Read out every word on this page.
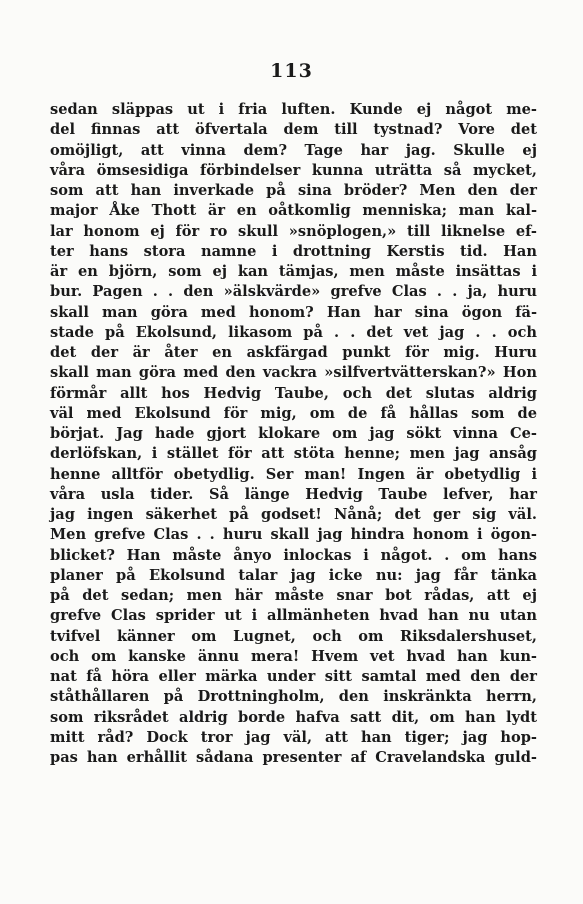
113
sedan släppas ut i fria luften. Kunde ej något me-
del finnas att öfvertala dem till tystnad? Vore det
omöjligt, att vinna dem? Tage har jag. Skulle ej
våra ömsesidiga förbindelser kunna uträtta så mycket,
som att han inverkade på sina bröder? Men den der
major Åke Thott är en oåtkomlig menniska; man kal-
lar honom ej för ro skull »snöplogen,» till liknelse ef-
ter hans stora namne i drottning Kerstis tid. Han
är en björn, som ej kan tämjas, men måste insättas i
bur. Pagen . . den »älskvärde» grefve Clas . . ja, huru
skall man göra med honom? Han har sina ögon fä-
stade på Ekolsund, likasom på . . det vet jag . . och
det der är åter en askfärgad punkt för mig. Huru
skall man göra med den vackra »silfvertvätterskan?» Hon
förmår allt hos Hedvig Taube, och det slutas aldrig
väl med Ekolsund för mig, om de få hållas som de
börjat. Jag hade gjort klokare om jag sökt vinna Ce-
derlöfskan, i stället för att stöta henne; men jag ansåg
henne alltför obetydlig. Ser man! Ingen är obetydlig i
våra usla tider. Så länge Hedvig Taube lefver, har
jag ingen säkerhet på godset! Nånå; det ger sig väl.
Men grefve Clas . . huru skall jag hindra honom i ögon-
blicket? Han måste ånyo inlockas i något. . om hans
planer på Ekolsund talar jag icke nu: jag får tänka
på det sedan; men här måste snar bot rådas, att ej
grefve Clas sprider ut i allmänheten hvad han nu utan
tvifvel känner om Lugnet, och om Riksdalershuset,
och om kanske ännu mera! Hvem vet hvad han kun-
nat få höra eller märka under sitt samtal med den der
ståthållaren på Drottningholm, den inskränkta herrn,
som riksrådet aldrig borde hafva satt dit, om han lydt
mitt råd? Dock tror jag väl, att han tiger; jag hop-
pas han erhållit sådana presenter af Cravelandska guld-
